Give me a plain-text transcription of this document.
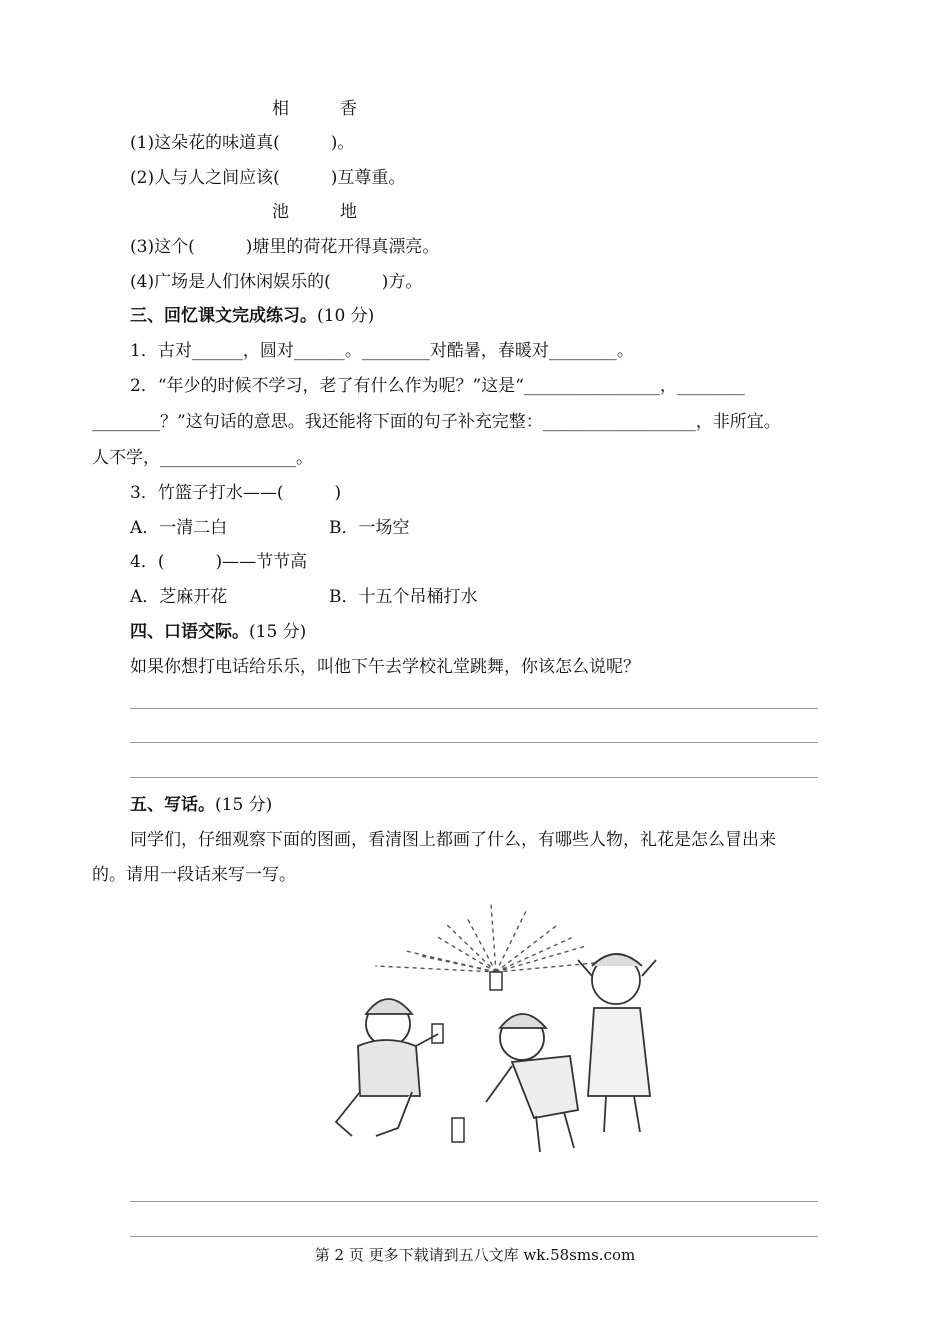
相　　　香
(1)这朵花的味道真(　　　)。
(2)人与人之间应该(　　　)互尊重。
池　　　地
(3)这个(　　　)塘里的荷花开得真漂亮。
(4)广场是人们休闲娱乐的(　　　)方。
三、回忆课文完成练习。(10 分)
1．古对______，圆对______。________对酷暑，春暖对________。
2．“年少的时候不学习，老了有什么作为呢？”这是“________________，________
________？”这句话的意思。我还能将下面的句子补充完整：__________________，非所宜。
人不学，________________。
3．竹篮子打水——(　　　)
A．一清二白	B．一场空
4．(　　　)——节节高
A．芝麻开花	B．十五个吊桶打水
四、口语交际。(15 分)
如果你想打电话给乐乐，叫他下午去学校礼堂跳舞，你该怎么说呢？
五、写话。(15 分)
同学们，仔细观察下面的图画，看清图上都画了什么，有哪些人物，礼花是怎么冒出来
的。请用一段话来写一写。
第 2 页 更多下载请到五八文库 wk.58sms.com
